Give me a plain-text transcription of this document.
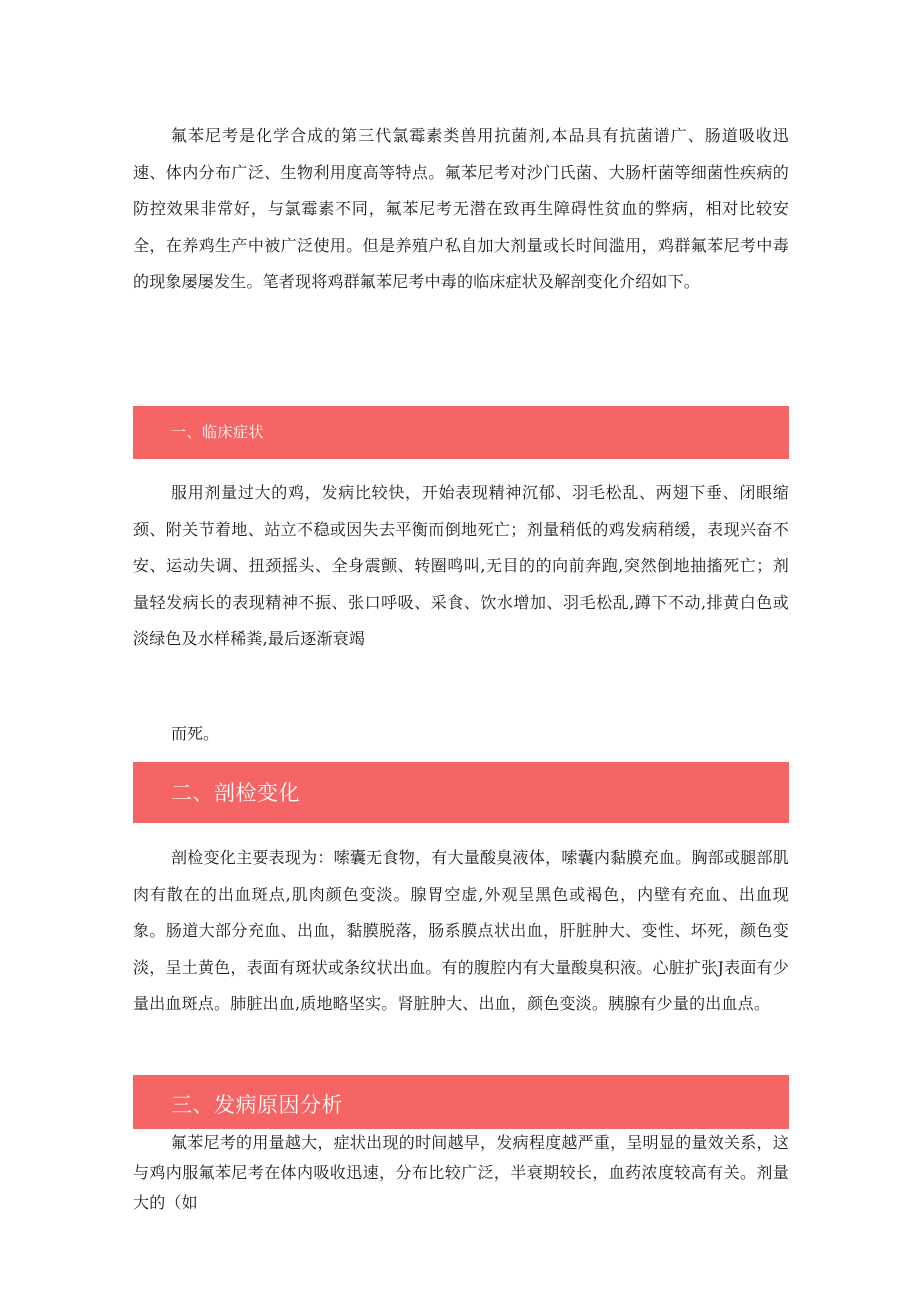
氟苯尼考是化学合成的第三代氯霉素类兽用抗菌剂,本品具有抗菌谱广、肠道吸收迅速、体内分布广泛、生物利用度高等特点。氟苯尼考对沙门氏菌、大肠杆菌等细菌性疾病的防控效果非常好，与氯霉素不同，氟苯尼考无潜在致再生障碍性贫血的弊病，相对比较安全，在养鸡生产中被广泛使用。但是养殖户私自加大剂量或长时间滥用，鸡群氟苯尼考中毒的现象屡屡发生。笔者现将鸡群氟苯尼考中毒的临床症状及解剖变化介绍如下。

一、临床症状

服用剂量过大的鸡，发病比较快，开始表现精神沉郁、羽毛松乱、两翅下垂、闭眼缩颈、附关节着地、站立不稳或因失去平衡而倒地死亡；剂量稍低的鸡发病稍缓，表现兴奋不安、运动失调、扭颈摇头、全身震颤、转圈鸣叫,无目的的向前奔跑,突然倒地抽搐死亡；剂量轻发病长的表现精神不振、张口呼吸、采食、饮水增加、羽毛松乱,蹲下不动,排黄白色或淡绿色及水样稀粪,最后逐渐衰竭

而死。

二、剖检变化

剖检变化主要表现为：嗦囊无食物，有大量酸臭液体，嗦囊内黏膜充血。胸部或腿部肌肉有散在的出血斑点,肌肉颜色变淡。腺胃空虚,外观呈黑色或褐色，内壁有充血、出血现象。肠道大部分充血、出血，黏膜脱落，肠系膜点状出血，肝脏肿大、变性、坏死，颜色变淡，呈土黄色，表面有斑状或条纹状出血。有的腹腔内有大量酸臭积液。心脏扩张J表面有少量出血斑点。肺脏出血,质地略坚实。肾脏肿大、出血，颜色变淡。胰腺有少量的出血点。

三、发病原因分析

氟苯尼考的用量越大，症状出现的时间越早，发病程度越严重，呈明显的量效关系，这与鸡内服氟苯尼考在体内吸收迅速，分布比较广泛，半衰期较长，血药浓度较高有关。剂量大的（如
